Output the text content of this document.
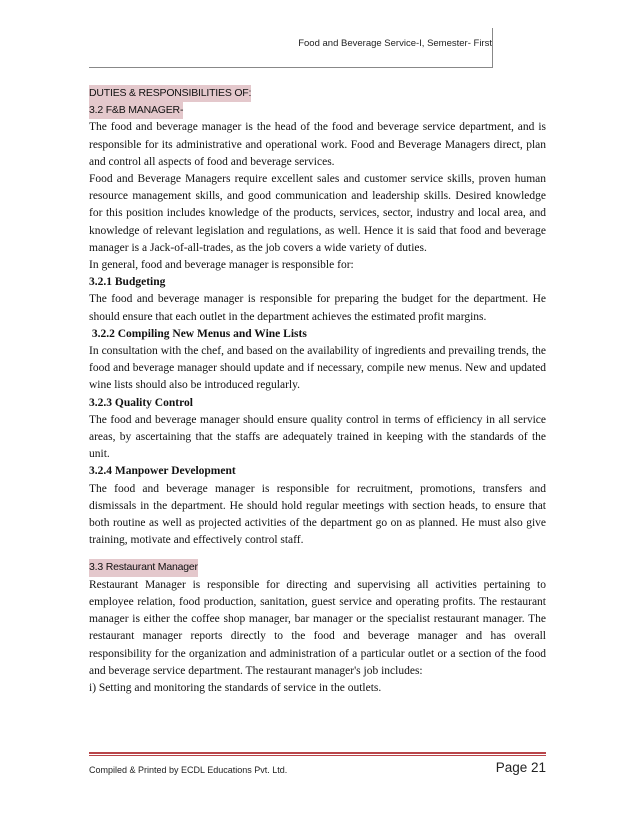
Food and Beverage Service-I, Semester- First
DUTIES & RESPONSIBILITIES OF:
3.2 F&B MANAGER-

The food and beverage manager is the head of the food and beverage service department, and is responsible for its administrative and operational work. Food and Beverage Managers direct, plan and control all aspects of food and beverage services.

Food and Beverage Managers require excellent sales and customer service skills, proven human resource management skills, and good communication and leadership skills. Desired knowledge for this position includes knowledge of the products, services, sector, industry and local area, and knowledge of relevant legislation and regulations, as well. Hence it is said that food and beverage manager is a Jack-of-all-trades, as the job covers a wide variety of duties.

In general, food and beverage manager is responsible for:

3.2.1 Budgeting

The food and beverage manager is responsible for preparing the budget for the department. He should ensure that each outlet in the department achieves the estimated profit margins.

3.2.2 Compiling New Menus and Wine Lists

In consultation with the chef, and based on the availability of ingredients and prevailing trends, the food and beverage manager should update and if necessary, compile new menus. New and updated wine lists should also be introduced regularly.

3.2.3 Quality Control

The food and beverage manager should ensure quality control in terms of efficiency in all service areas, by ascertaining that the staffs are adequately trained in keeping with the standards of the unit.

3.2.4 Manpower Development

The food and beverage manager is responsible for recruitment, promotions, transfers and dismissals in the department. He should hold regular meetings with section heads, to ensure that both routine as well as projected activities of the department go on as planned. He must also give training, motivate and effectively control staff.

3.3 Restaurant Manager

Restaurant Manager is responsible for directing and supervising all activities pertaining to employee relation, food production, sanitation, guest service and operating profits. The restaurant manager is either the coffee shop manager, bar manager or the specialist restaurant manager. The restaurant manager reports directly to the food and beverage manager and has overall responsibility for the organization and administration of a particular outlet or a section of the food and beverage service department. The restaurant manager's job includes:

i) Setting and monitoring the standards of service in the outlets.

Compiled & Printed by ECDL Educations Pvt. Ltd.	Page 21
